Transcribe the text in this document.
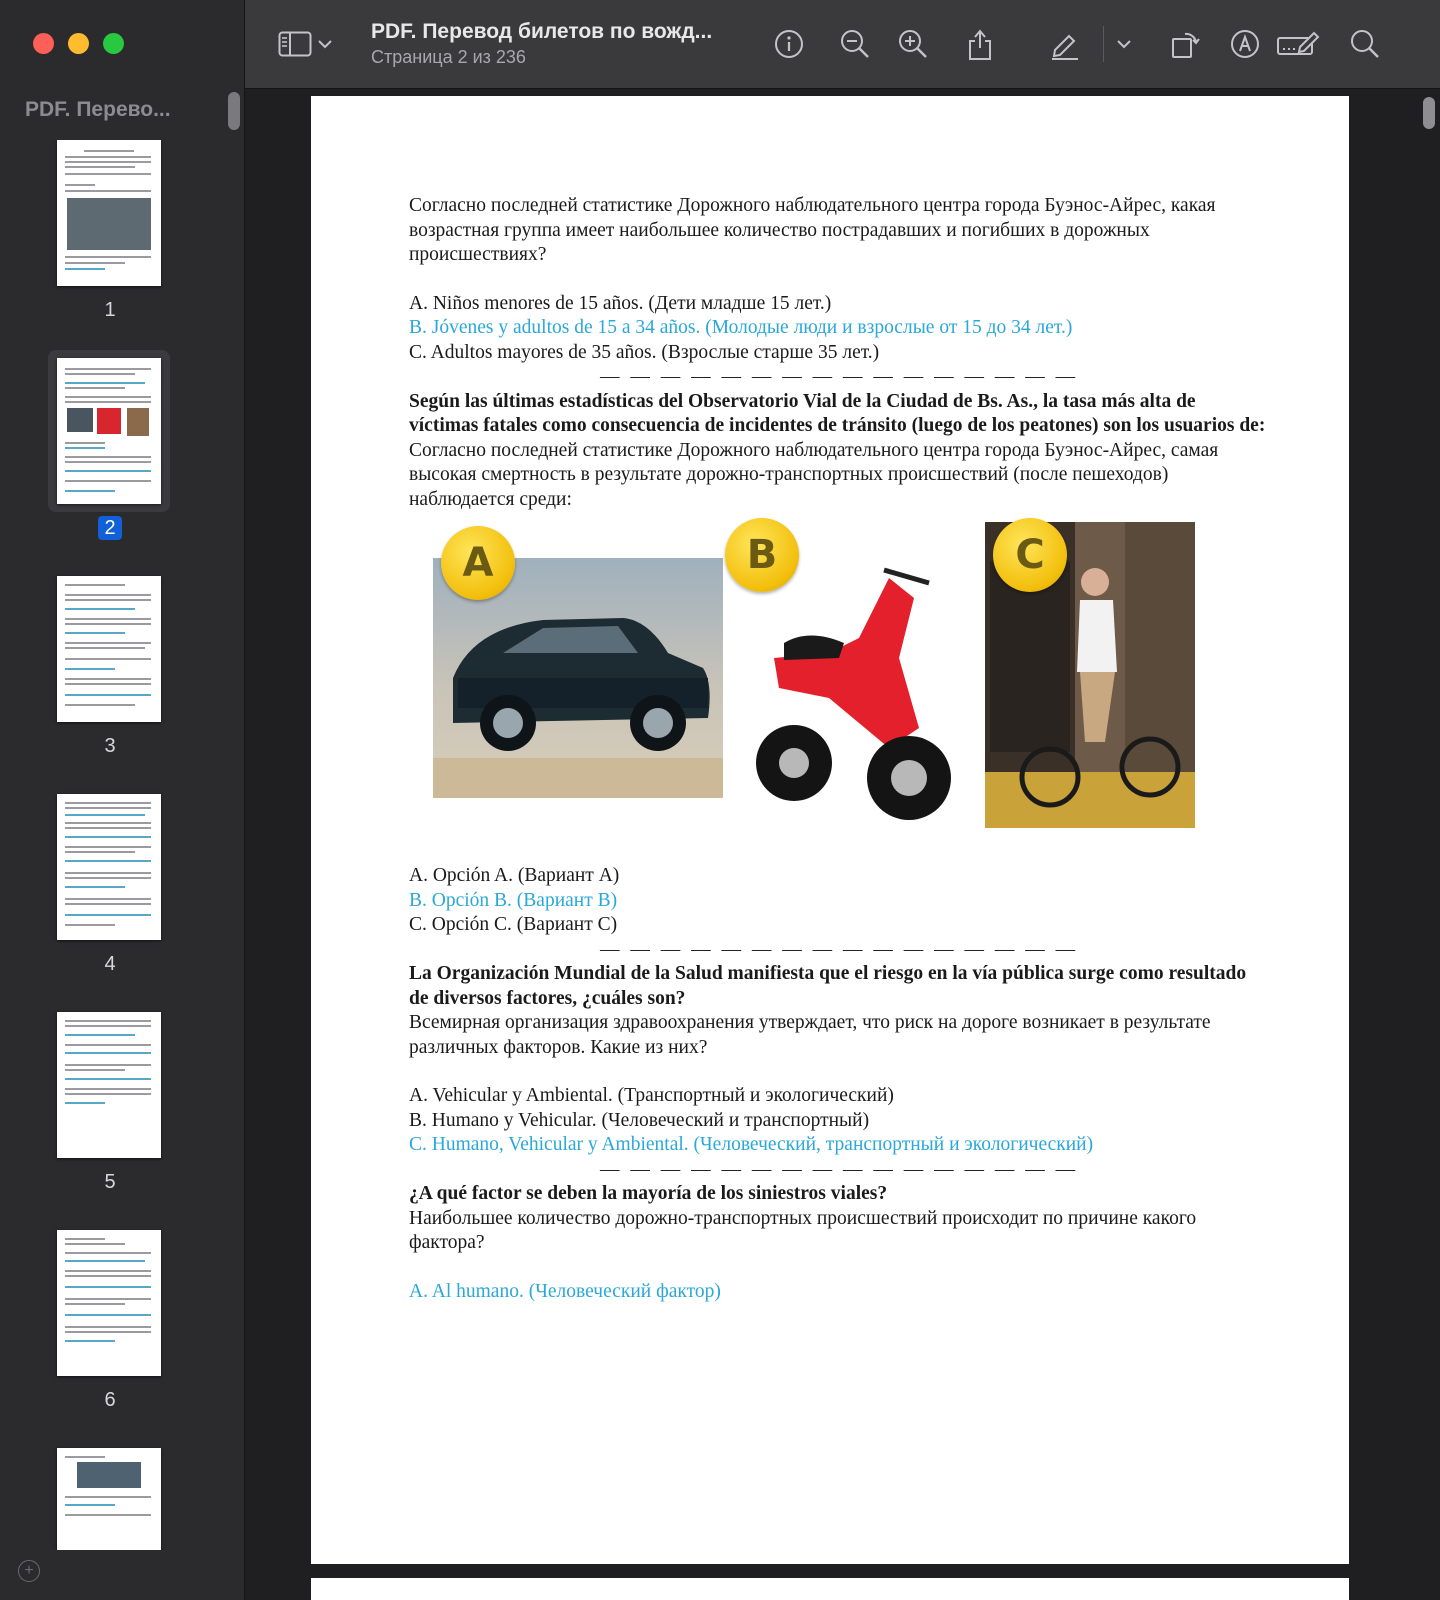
PDF. Перево...
1
2
3
4
5
6
+
PDF. Перевод билетов по вожд...
Страница 2 из 236

Согласно последней статистике Дорожного наблюдательного центра города Буэнос-Айрес, какая возрастная группа имеет наибольшее количество пострадавших и погибших в дорожных происшествиях?

A. Niños menores de 15 años. (Дети младше 15 лет.)

B. Jóvenes y adultos de 15 a 34 años. (Молодые люди и взрослые от 15 до 34 лет.)

C. Adultos mayores de 35 años. (Взрослые старше 35 лет.)

— — — — — — — — — — — — — — — —

Según las últimas estadísticas del Observatorio Vial de la Ciudad de Bs. As., la tasa más alta de víctimas fatales como consecuencia de incidentes de tránsito (luego de los peatones) son los usuarios de:

Согласно последней статистике Дорожного наблюдательного центра города Буэнос-Айрес, самая высокая смертность в результате дорожно-транспортных происшествий (после пешеходов) наблюдается среди:

A	B	C

A. Opción A. (Вариант A)

B. Opción B. (Вариант B)

C. Opción C. (Вариант C)

— — — — — — — — — — — — — — — —

La Organización Mundial de la Salud manifiesta que el riesgo en la vía pública surge como resultado de diversos factores, ¿cuáles son?

Всемирная организация здравоохранения утверждает, что риск на дороге возникает в результате различных факторов. Какие из них?

A. Vehicular y Ambiental. (Транспортный и экологический)

B. Humano y Vehicular. (Человеческий и транспортный)

C. Humano, Vehicular y Ambiental. (Человеческий, транспортный и экологический)

— — — — — — — — — — — — — — — —

¿A qué factor se deben la mayoría de los siniestros viales?

Наибольшее количество дорожно-транспортных происшествий происходит по причине какого фактора?

A. Al humano. (Человеческий фактор)
